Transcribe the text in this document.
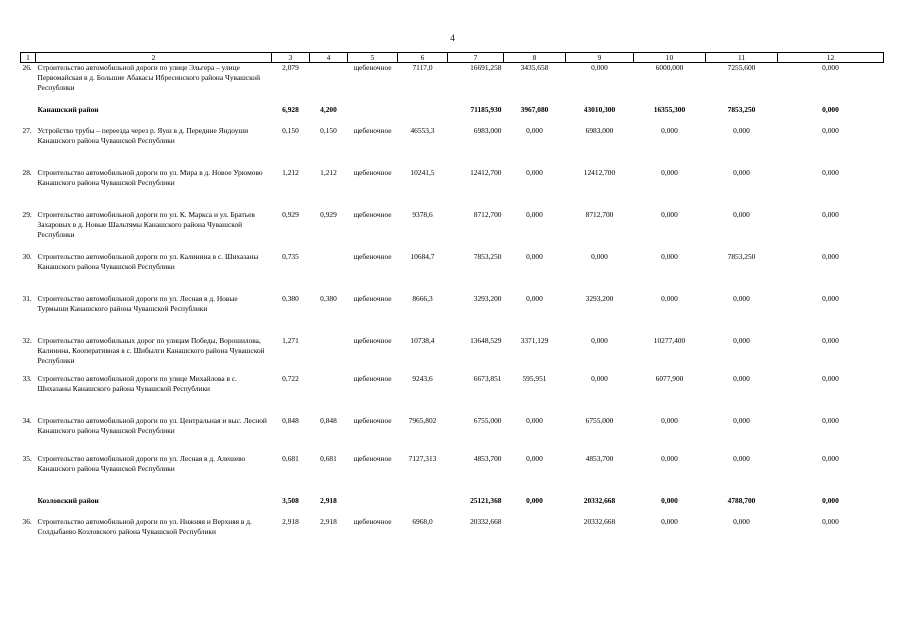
4
1	2	3	4	5	6	7	8	9	10	11	12
26.	Строительство автомобильной дороги по улице Эльгера – улице Первомайская в д. Большие Абакасы Ибресинского района Чувашской Республики	2,079		щебеночное	7117,0	16691,258	3435,658	0,000	6000,000	7255,600	0,000
	Канашский район	6,928	4,200			71185,930	3967,080	43010,300	16355,300	7853,250	0,000
27.	Устройство трубы – переезда через р. Яуш в д. Передние Яндоуши Канашского района Чувашской Республики	0,150	0,150	щебеночное	46553,3	6983,000	0,000	6983,000	0,000	0,000	0,000
28.	Строительство автомобильной дороги по ул. Мира в д. Новое Урюмово Канашского района Чувашской Республики	1,212	1,212	щебеночное	10241,5	12412,700	0,000	12412,700	0,000	0,000	0,000
29.	Строительство автомобильной дороги по ул. К. Маркса и ул. Братьев Захаровых в д. Новые Шальтямы Канашского района Чувашской Республики	0,929	0,929	щебеночное	9378,6	8712,700	0,000	8712,700	0,000	0,000	0,000
30.	Строительство автомобильной дороги по ул. Калинина в с. Шихазаны Канашского района Чувашской Республики	0,735		щебеночное	10684,7	7853,250	0,000	0,000	0,000	7853,250	0,000
31.	Строительство автомобильной дороги по ул. Лесная в д. Новые Турмыши Канашского района Чувашской Республики	0,380	0,380	щебеночное	8666,3	3293,200	0,000	3293,200	0,000	0,000	0,000
32.	Строительство автомобильных дорог по улицам Победы, Ворошилова, Калинина, Кооперативная в с. Шибылги Канашского района Чувашской Республики	1,271		щебеночное	10738,4	13648,529	3371,129	0,000	10277,400	0,000	0,000
33.	Строительство автомобильной дороги по улице Михайлова в с. Шихазаны Канашского района Чувашской Республики	0,722		щебеночное	9243,6	6673,851	595,951	0,000	6077,900	0,000	0,000
34.	Строительство автомобильной дороги по ул. Центральная и выс. Лесной Канашского района Чувашской Республики	0,848	0,848	щебеночное	7965,802	6755,000	0,000	6755,000	0,000	0,000	0,000
35.	Строительство автомобильной дороги по ул. Лесная в д. Алешево Канашского района Чувашской Республики	0,681	0,681	щебеночное	7127,313	4853,700	0,000	4853,700	0,000	0,000	0,000
	Козловский район	3,508	2,918			25121,368	0,000	20332,668	0,000	4788,700	0,000
36.	Строительство автомобильной дороги по ул. Нижняя и Верхняя в д. Солдыбаево Козловского района Чувашской Республики	2,918	2,918	щебеночное	6968,0	20332,668		20332,668	0,000	0,000	0,000
